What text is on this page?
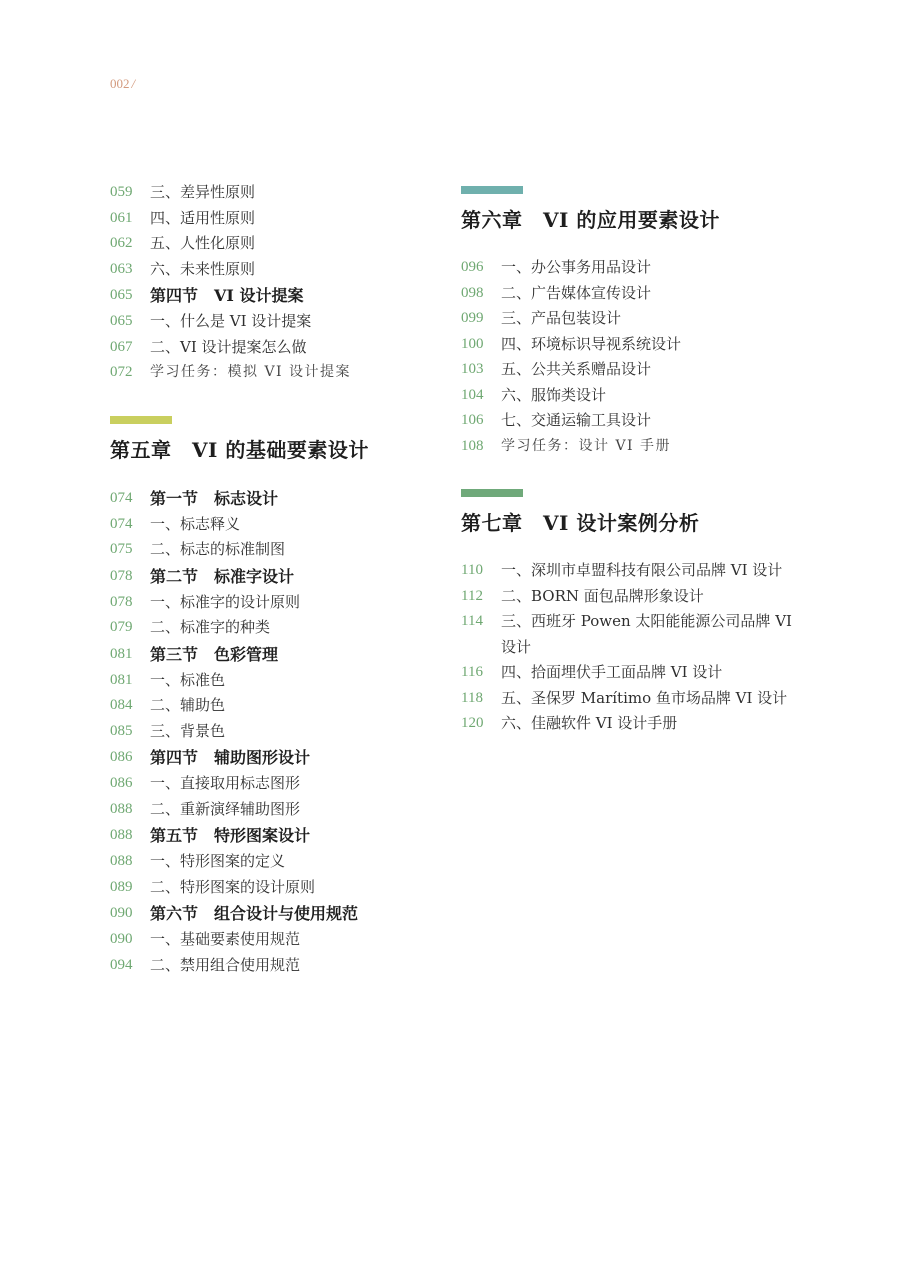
002 /
059	三、差异性原则
061	四、适用性原则
062	五、人性化原则
063	六、未来性原则
065	第四节　VI 设计提案
065	一、什么是 VI 设计提案
067	二、VI 设计提案怎么做
072	学习任务：模拟 VI 设计提案
第五章　VI 的基础要素设计
074	第一节　标志设计
074	一、标志释义
075	二、标志的标准制图
078	第二节　标准字设计
078	一、标准字的设计原则
079	二、标准字的种类
081	第三节　色彩管理
081	一、标准色
084	二、辅助色
085	三、背景色
086	第四节　辅助图形设计
086	一、直接取用标志图形
088	二、重新演绎辅助图形
088	第五节　特形图案设计
088	一、特形图案的定义
089	二、特形图案的设计原则
090	第六节　组合设计与使用规范
090	一、基础要素使用规范
094	二、禁用组合使用规范
第六章　VI 的应用要素设计
096	一、办公事务用品设计
098	二、广告媒体宣传设计
099	三、产品包装设计
100	四、环境标识导视系统设计
103	五、公共关系赠品设计
104	六、服饰类设计
106	七、交通运输工具设计
108	学习任务：设计 VI 手册
第七章　VI 设计案例分析
110	一、深圳市卓盟科技有限公司品牌 VI 设计
112	二、BORN 面包品牌形象设计
114	三、西班牙 Powen 太阳能能源公司品牌 VI 设计
116	四、拾面埋伏手工面品牌 VI 设计
118	五、圣保罗 Marítimo 鱼市场品牌 VI 设计
120	六、佳融软件 VI 设计手册
